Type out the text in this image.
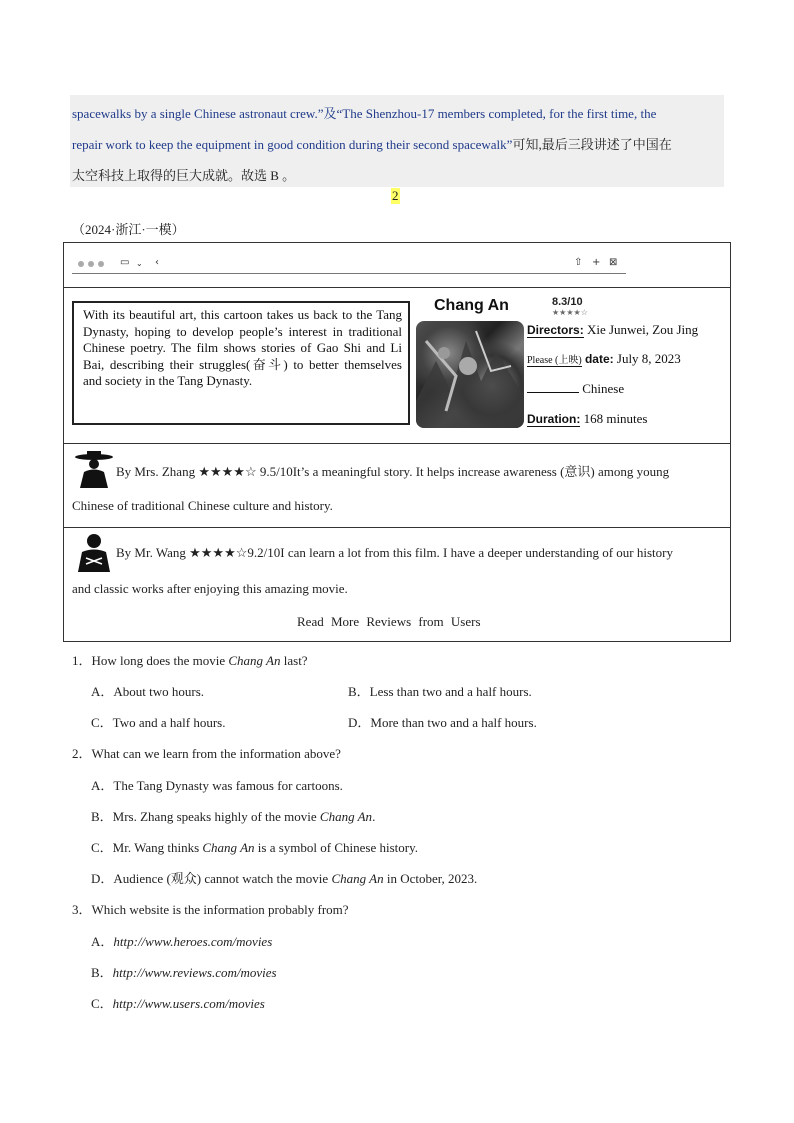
spacewalks by a single Chinese astronaut crew.”及“The Shenzhou-17 members completed, for the first time, the
repair work to keep the equipment in good condition during their second spacewalk”可知,最后三段讲述了中国在
太空科技上取得的巨大成就。故选 B 。
2
（2024·浙江·一模）
▭ ⌄ ‹	⇧ + ⊠
With its beautiful art, this cartoon takes us back to the Tang Dynasty, hoping to develop people’s interest in traditional Chinese poetry. The film shows stories of Gao Shi and Li Bai, describing their struggles(奋斗) to better themselves and society in the Tang Dynasty.
Chang An	8.3/10
★★★★☆
Directors: Xie Junwei, Zou Jing
Please (上映) date: July 8, 2023
Chinese
Duration: 168 minutes
By Mrs. Zhang ★★★★☆ 9.5/10It’s a meaningful story. It helps increase awareness (意识) among young
Chinese of traditional Chinese culture and history.
By Mr. Wang ★★★★☆9.2/10I can learn a lot from this film. I have a deeper understanding of our history
and classic works after enjoying this amazing movie.
Read More Reviews from Users
1．How long does the movie Chang An last?
A．About two hours.	B．Less than two and a half hours.
C．Two and a half hours.	D．More than two and a half hours.
2．What can we learn from the information above?
A．The Tang Dynasty was famous for cartoons.
B．Mrs. Zhang speaks highly of the movie Chang An.
C．Mr. Wang thinks Chang An is a symbol of Chinese history.
D．Audience (观众) cannot watch the movie Chang An in October, 2023.
3．Which website is the information probably from?
A．http://www.heroes.com/movies
B．http://www.reviews.com/movies
C．http://www.users.com/movies
